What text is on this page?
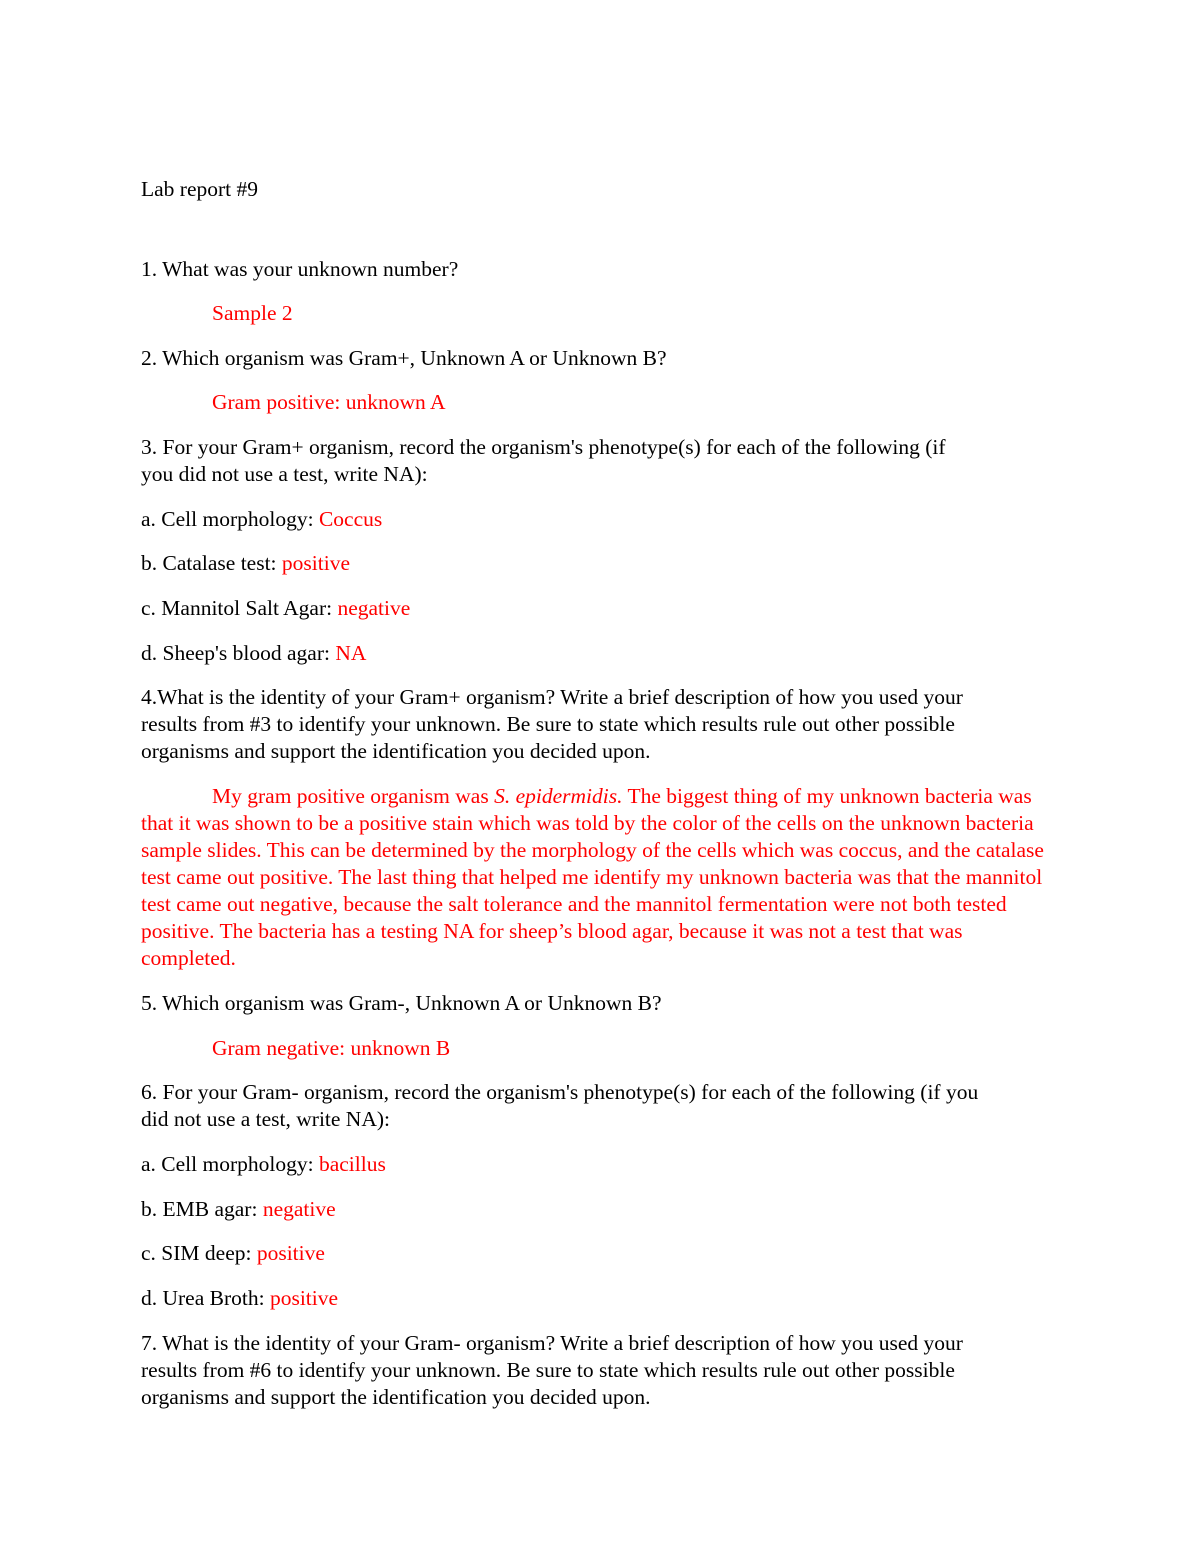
Lab report #9

1. What was your unknown number?

Sample 2

2. Which organism was Gram+, Unknown A or Unknown B?

Gram positive: unknown A

3. For your Gram+ organism, record the organism's phenotype(s) for each of the following (if

you did not use a test, write NA):

a. Cell morphology: Coccus

b. Catalase test: positive

c. Mannitol Salt Agar: negative

d. Sheep's blood agar: NA

4.What is the identity of your Gram+ organism? Write a brief description of how you used your

results from #3 to identify your unknown. Be sure to state which results rule out other possible

organisms and support the identification you decided upon.

My gram positive organism was S. epidermidis. The biggest thing of my unknown bacteria was that it was shown to be a positive stain which was told by the color of the cells on the unknown bacteria sample slides. This can be determined by the morphology of the cells which was coccus, and the catalase test came out positive. The last thing that helped me identify my unknown bacteria was that the mannitol test came out negative, because the salt tolerance and the mannitol fermentation were not both tested positive. The bacteria has a testing NA for sheep’s blood agar, because it was not a test that was completed.

5. Which organism was Gram-, Unknown A or Unknown B?

Gram negative: unknown B

6. For your Gram- organism, record the organism's phenotype(s) for each of the following (if you

did not use a test, write NA):

a. Cell morphology: bacillus

b. EMB agar: negative

c. SIM deep: positive

d. Urea Broth: positive

7. What is the identity of your Gram- organism? Write a brief description of how you used your

results from #6 to identify your unknown. Be sure to state which results rule out other possible

organisms and support the identification you decided upon.
